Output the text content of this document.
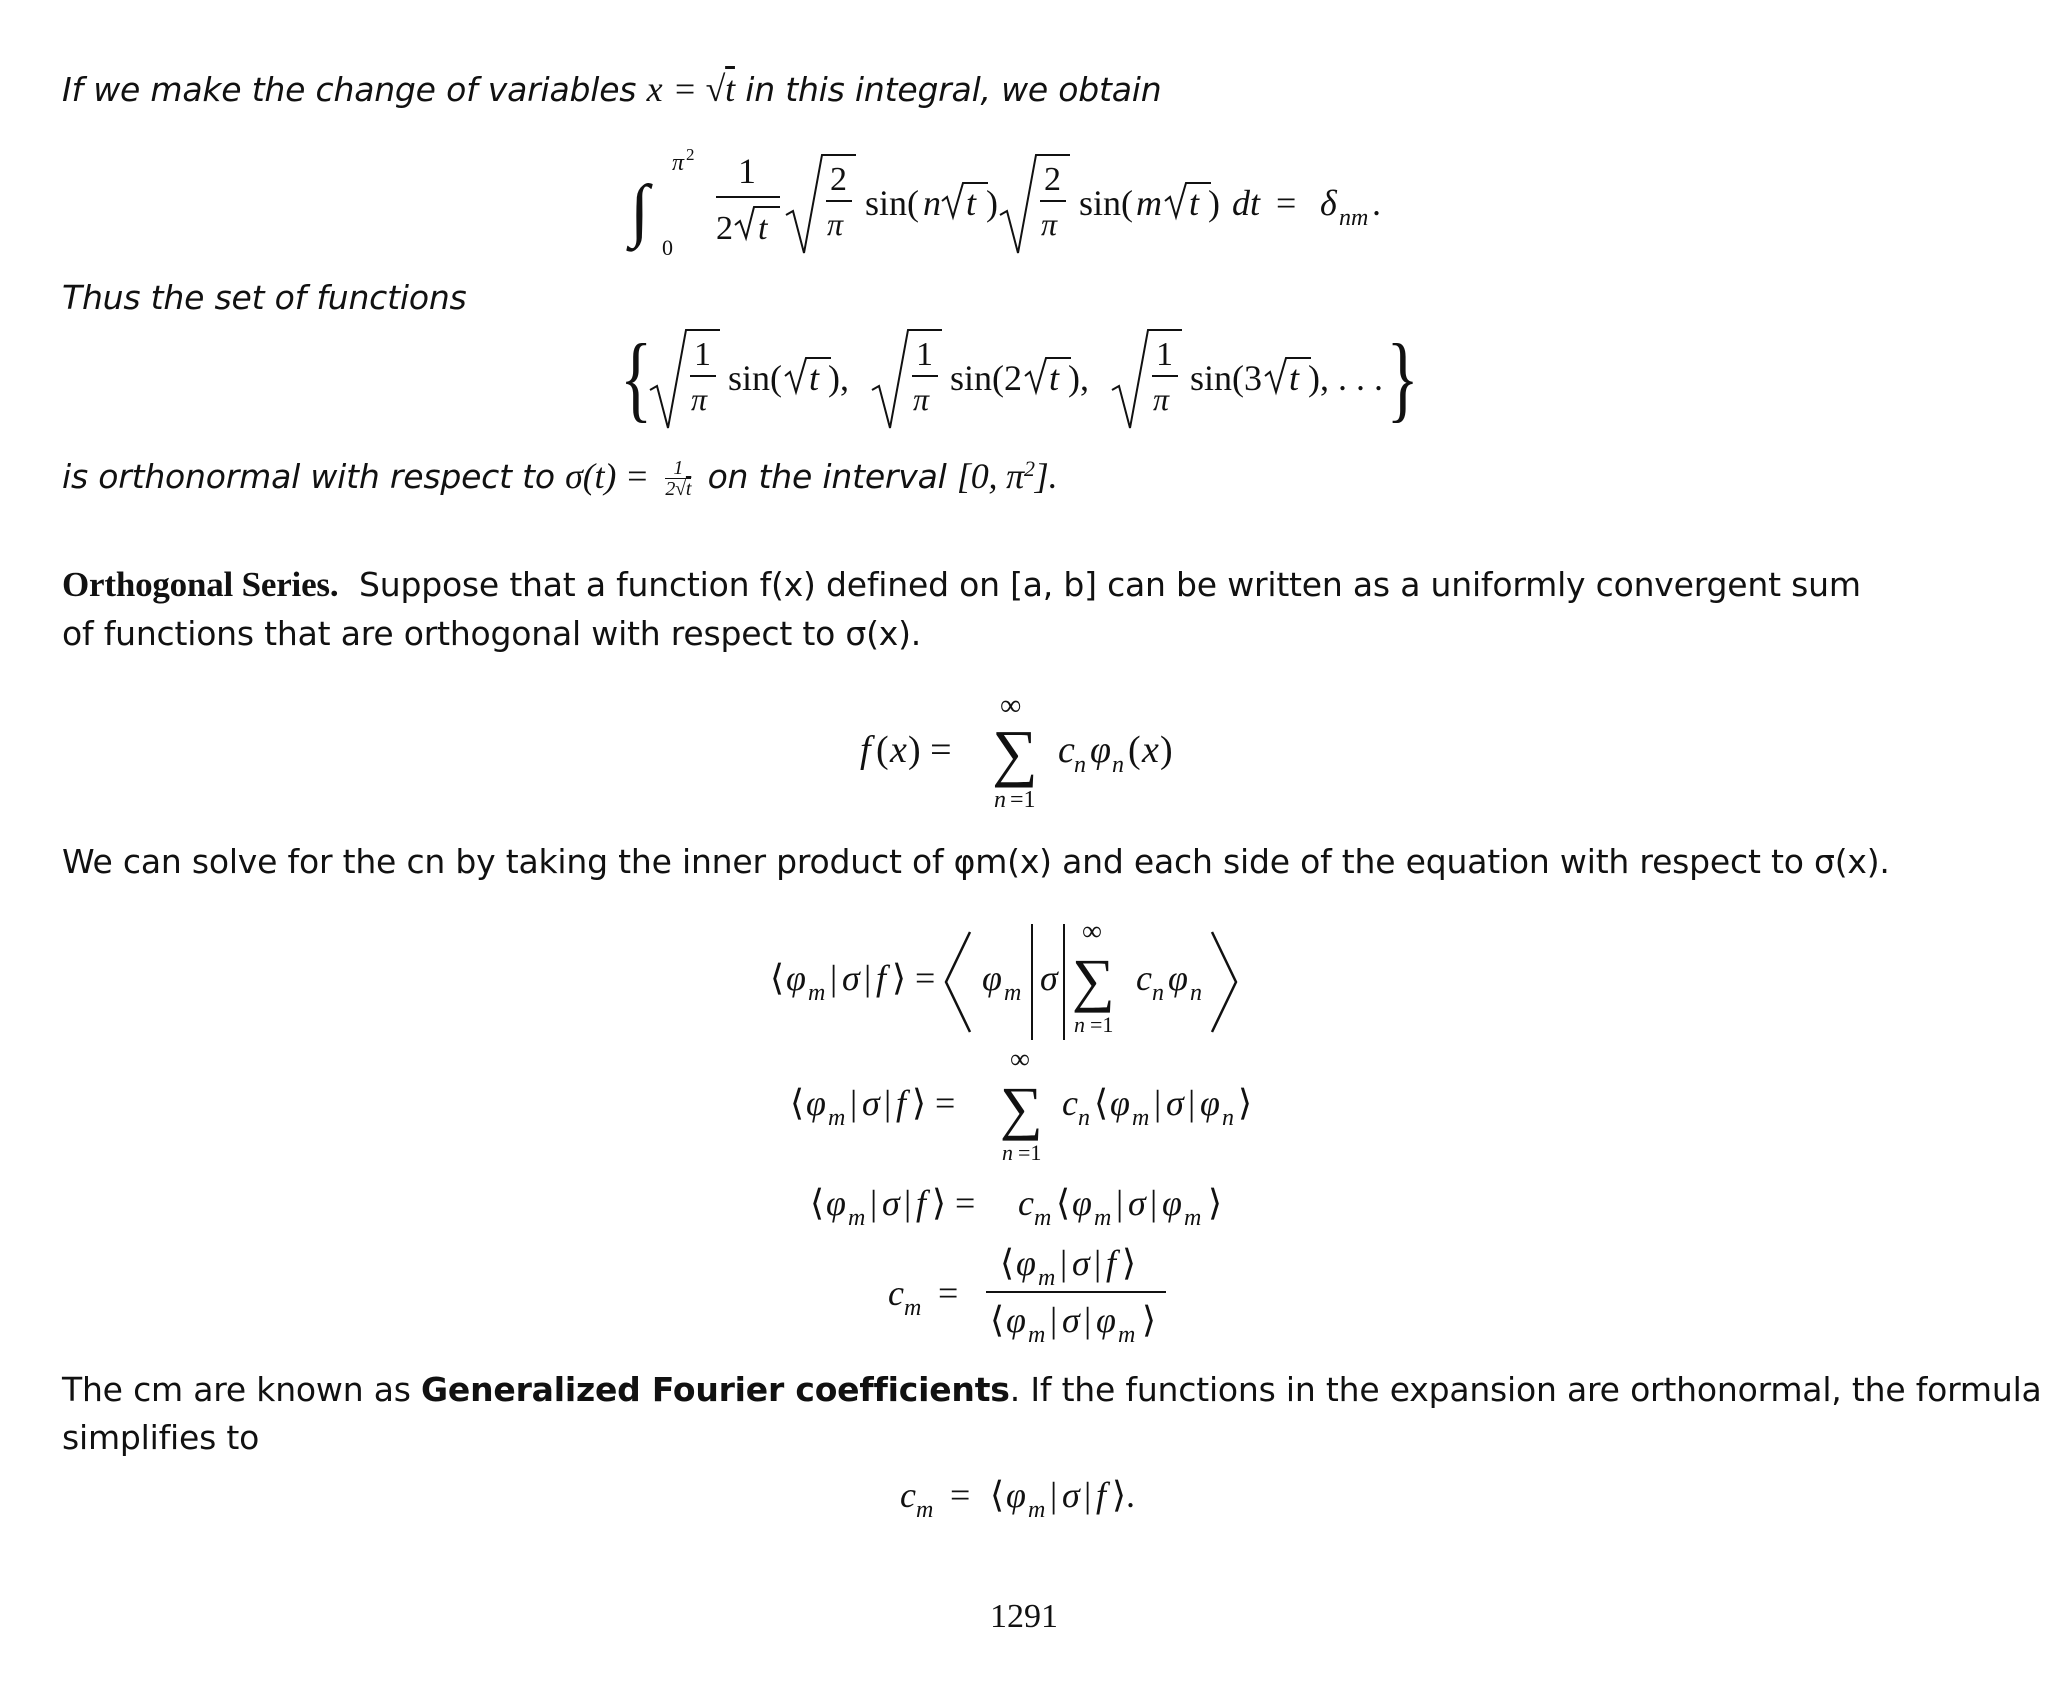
If we make the change of variables x = √t in this integral, we obtain
∫
π 2
0
1
2 t
2
π
sin( n t )
2
π
sin( m t ) dt = δ nm .
Thus the set of functions
{ 1
π
sin( t ),
1
π
sin(2 t ),
1
π
sin(3 t ), . . . }
is orthonormal with respect to $\sigma(t) = \frac{1}{2√t}$ on the interval [0, $\pi^2$].
Orthogonal Series. Suppose that a function f(x) defined on [a, b] can be written as a uniformly convergent sum
of functions that are orthogonal with respect to σ(x).
f ( x ) =
∞
∑
n =1
c n φ n ( x )
We can solve for the cn by taking the inner product of φm(x) and each side of the equation with respect to σ(x).
⟨ φ m | σ | f ⟩ = φ m σ
∞
∑
n =1
c n φ n
⟨ φ m | σ | f ⟩ =
∞
∑
n =1
c n ⟨ φ m | σ | φ n ⟩
⟨ φ m | σ | f ⟩ = c m ⟨ φ m | σ | φ m ⟩
c m =
⟨ φ m | σ | f ⟩
⟨ φ m | σ | φ m ⟩
The cm are known as Generalized Fourier coefficients. If the functions in the expansion are orthonormal, the formula
simplifies to
c m = ⟨ φ m | σ | f ⟩.
1291
